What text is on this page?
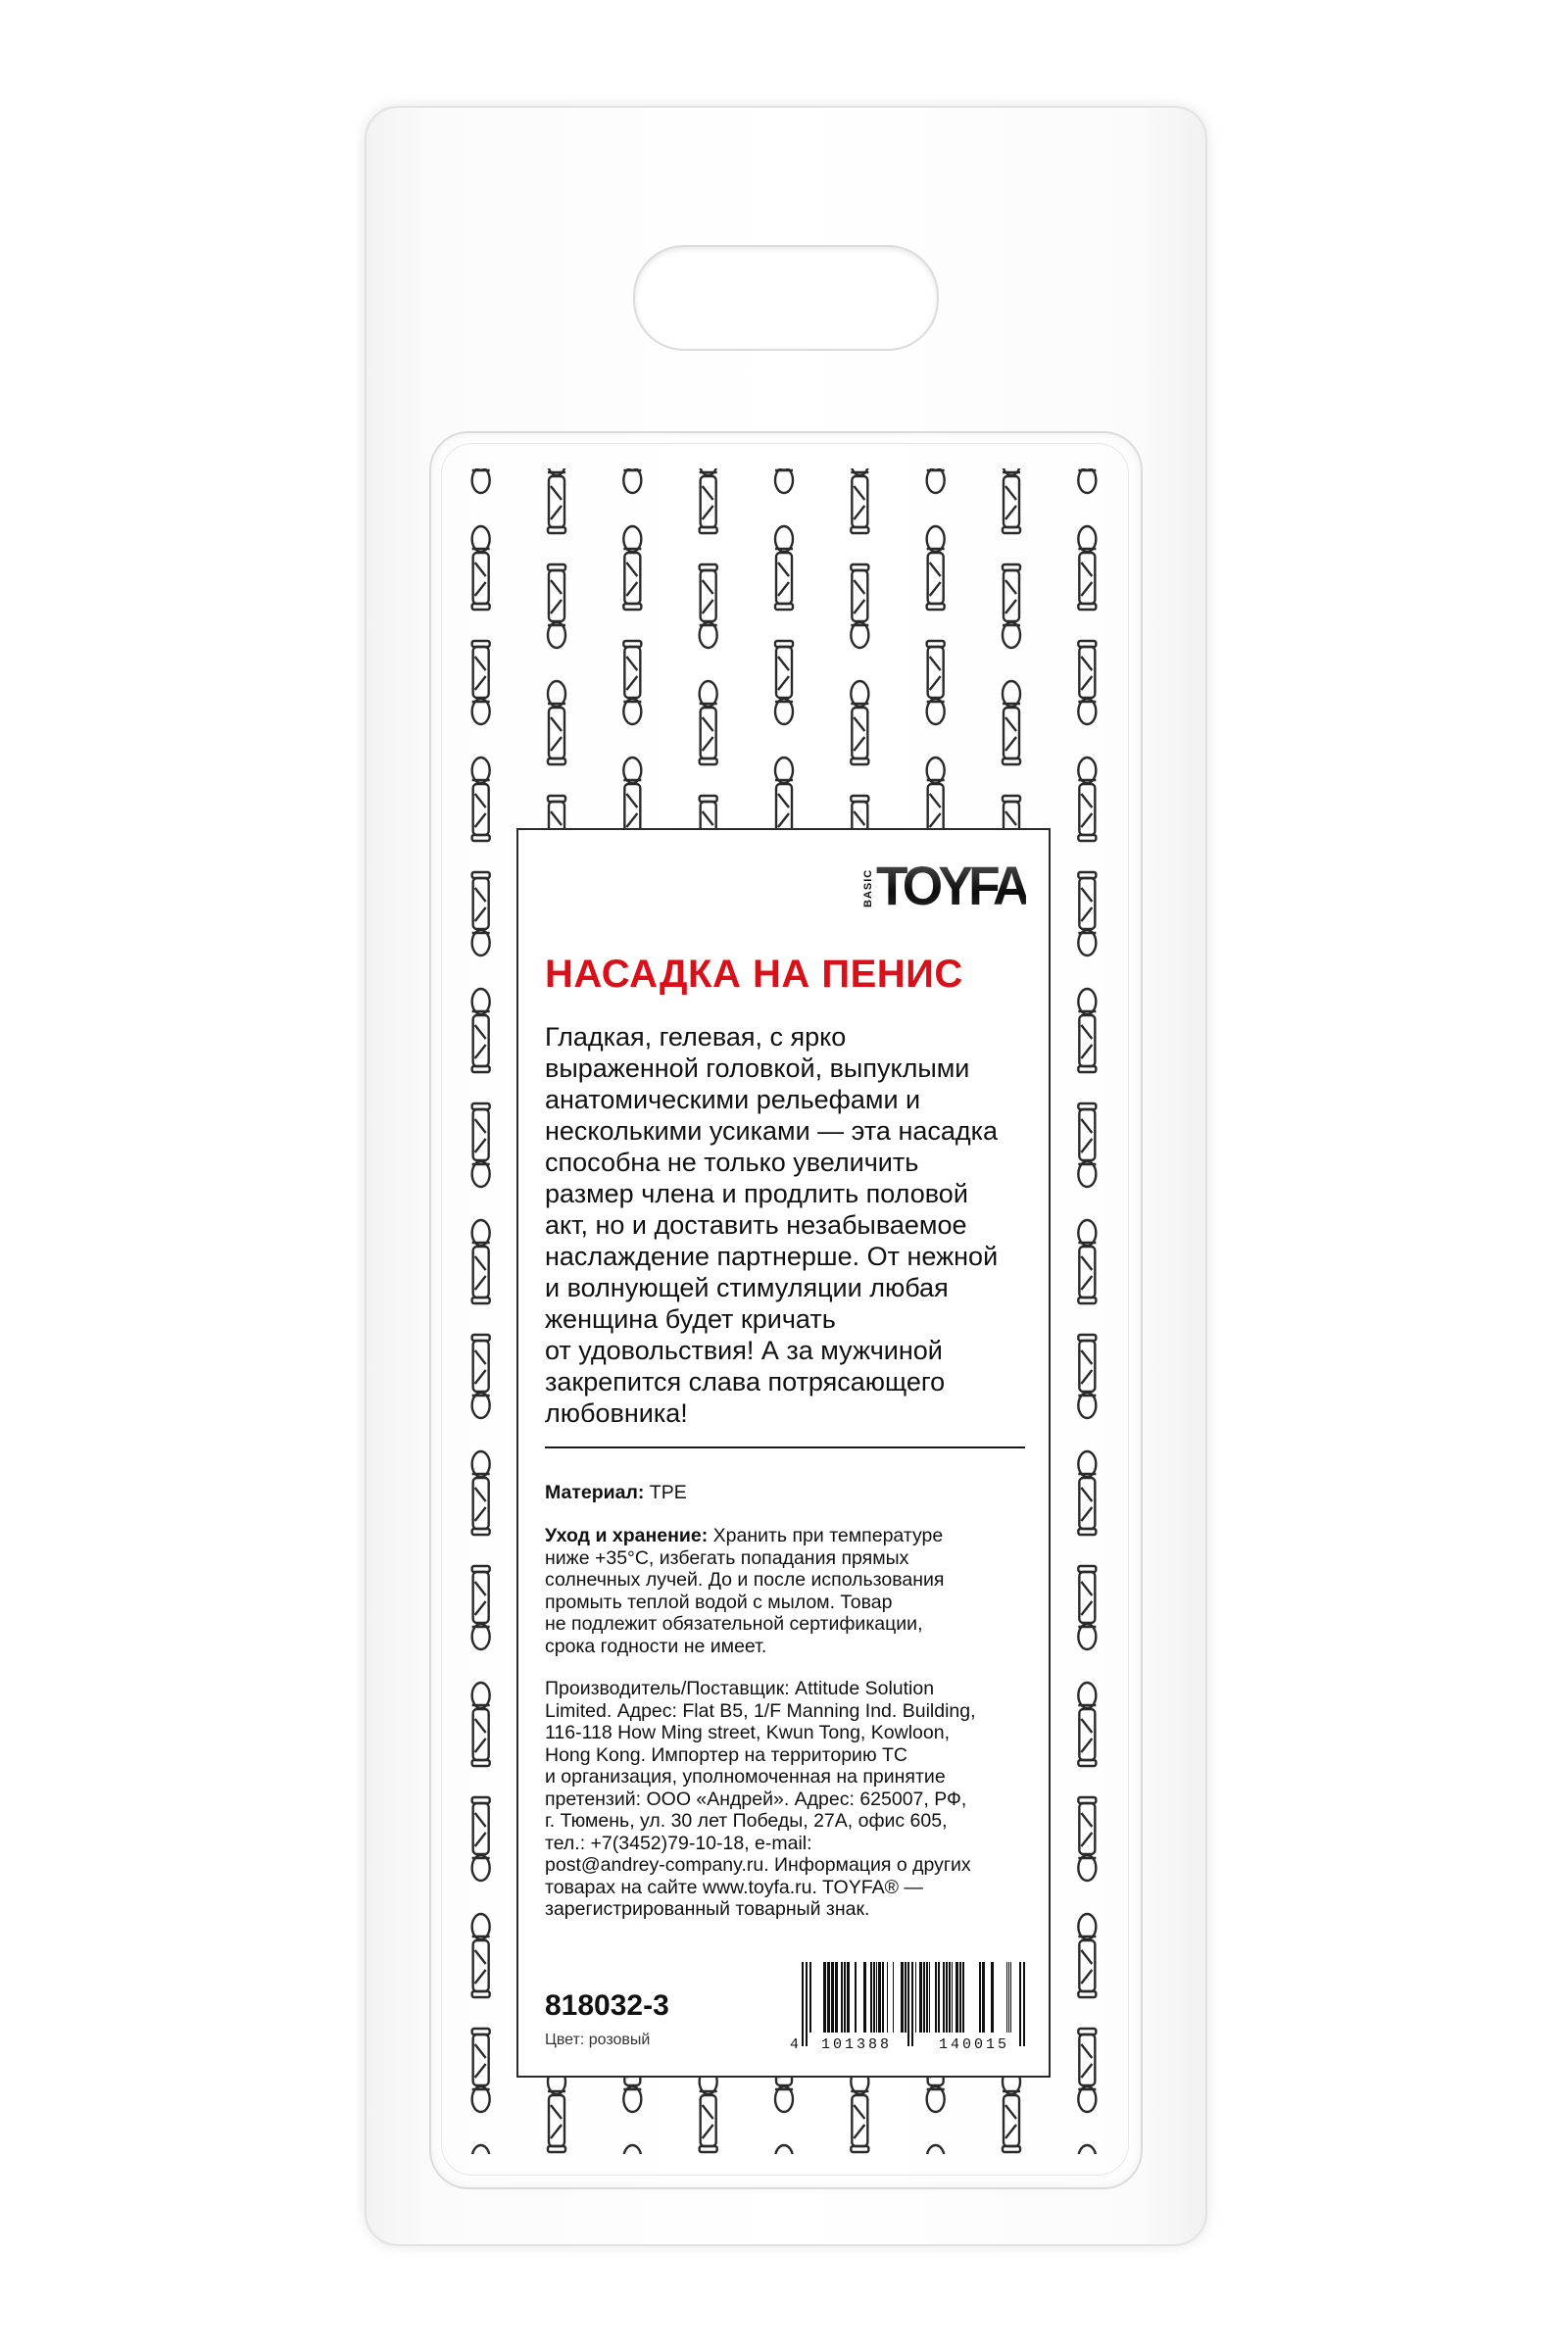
BASIC TOYFA
НАСАДКА НА ПЕНИС
Гладкая, гелевая, с ярко
выраженной головкой, выпуклыми
анатомическими рельефами и
несколькими усиками — эта насадка
способна не только увеличить
размер члена и продлить половой
акт, но и доставить незабываемое
наслаждение партнерше. От нежной
и волнующей стимуляции любая
женщина будет кричать
от удовольствия! А за мужчиной
закрепится слава потрясающего
любовника!
Материал: TPE
Уход и хранение: Хранить при температуре
ниже +35°С, избегать попадания прямых
солнечных лучей. До и после использования
промыть теплой водой с мылом. Товар
не подлежит обязательной сертификации,
срока годности не имеет.
Производитель/Поставщик: Attitude Solution
Limited. Адрес: Flat B5, 1/F Manning Ind. Building,
116-118 How Ming street, Kwun Tong, Kowloon,
Hong Kong. Импортер на территорию ТС
и организация, уполномоченная на принятие
претензий: ООО «Андрей». Адрес: 625007, РФ,
г. Тюмень, ул. 30 лет Победы, 27А, офис 605,
тел.: +7(3452)79-10-18, e-mail:
post@andrey-company.ru. Информация о других
товарах на сайте www.toyfa.ru. TOYFA® —
зарегистрированный товарный знак.
818032-3
Цвет: розовый	4 101388	140015
